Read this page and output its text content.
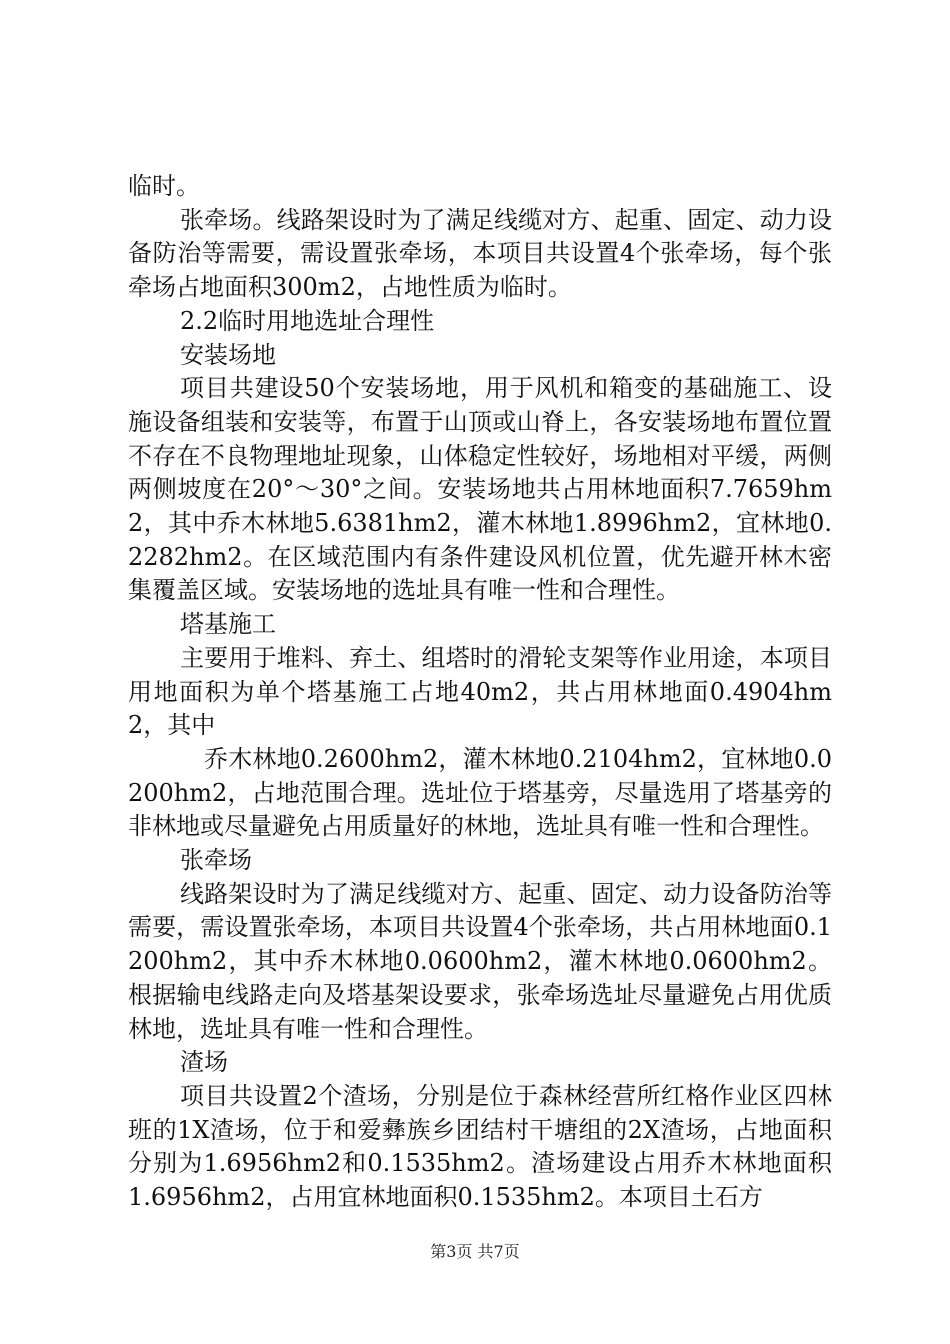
临时。

张牵场。线路架设时为了满足线缆对方、起重、固定、动力设备防治等需要，需设置张牵场，本项目共设置4个张牵场，每个张牵场占地面积300m2，占地性质为临时。

2.2临时用地选址合理性

安装场地

项目共建设50个安装场地，用于风机和箱变的基础施工、设施设备组装和安装等，布置于山顶或山脊上，各安装场地布置位置不存在不良物理地址现象，山体稳定性较好，场地相对平缓，两侧两侧坡度在20°～30°之间。安装场地共占用林地面积7.7659hm2，其中乔木林地5.6381hm2，灌木林地1.8996hm2，宜林地0.2282hm2。在区域范围内有条件建设风机位置，优先避开林木密集覆盖区域。安装场地的选址具有唯一性和合理性。

塔基施工

主要用于堆料、弃土、组塔时的滑轮支架等作业用途，本项目用地面积为单个塔基施工占地40m2，共占用林地面0.4904hm2，其中

乔木林地0.2600hm2，灌木林地0.2104hm2，宜林地0.0200hm2，占地范围合理。选址位于塔基旁，尽量选用了塔基旁的非林地或尽量避免占用质量好的林地，选址具有唯一性和合理性。

张牵场

线路架设时为了满足线缆对方、起重、固定、动力设备防治等需要，需设置张牵场，本项目共设置4个张牵场，共占用林地面0.1200hm2，其中乔木林地0.0600hm2，灌木林地0.0600hm2。根据输电线路走向及塔基架设要求，张牵场选址尽量避免占用优质林地，选址具有唯一性和合理性。

渣场

项目共设置2个渣场，分别是位于森林经营所红格作业区四林班的1X渣场，位于和爱彝族乡团结村干塘组的2X渣场，占地面积分别为1.6956hm2和0.1535hm2。渣场建设占用乔木林地面积1.6956hm2，占用宜林地面积0.1535hm2。本项目土石方

第3页 共7页
